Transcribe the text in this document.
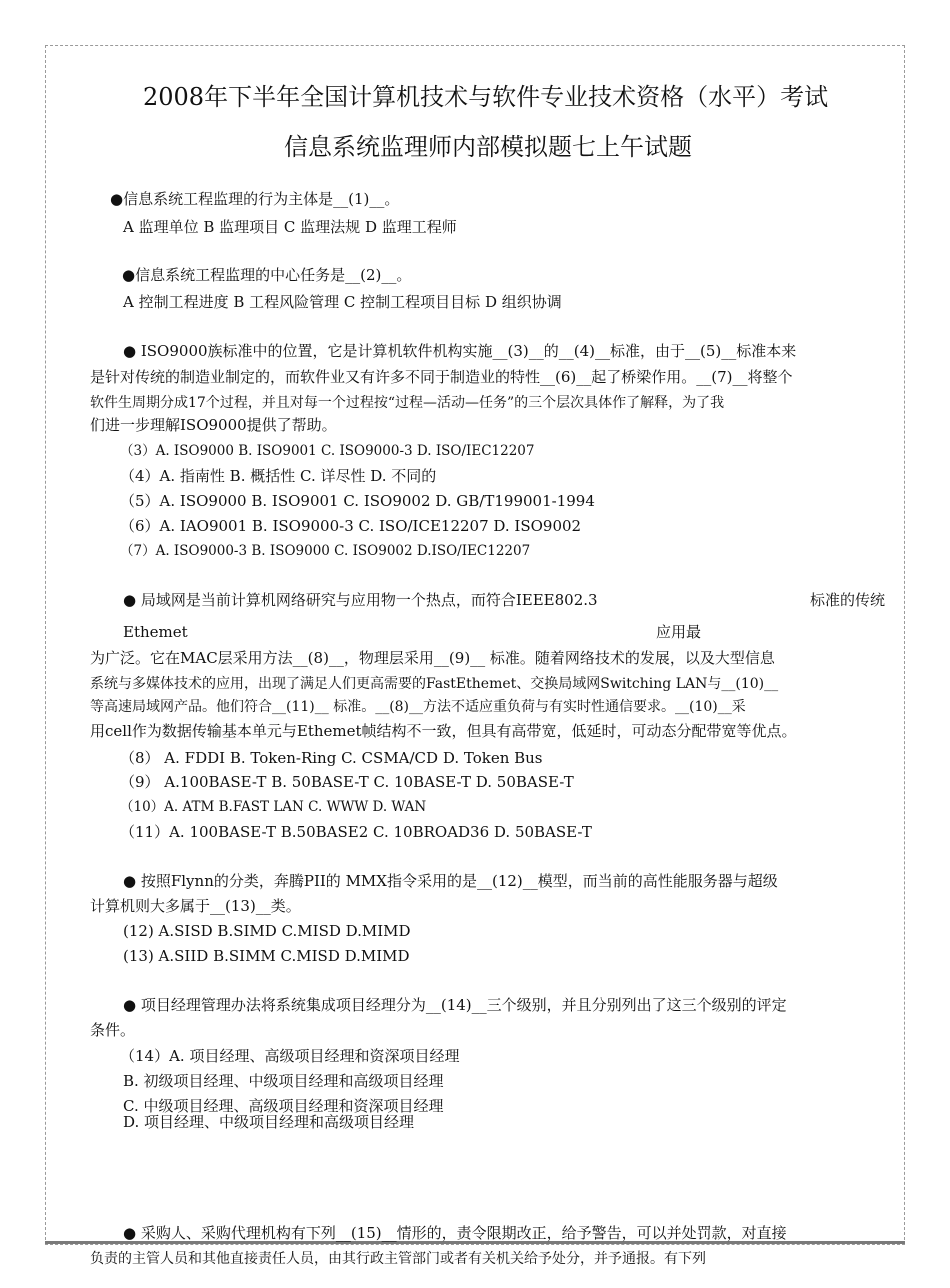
2008年下半年全国计算机技术与软件专业技术资格（水平）考试
信息系统监理师内部模拟题七上午试题
●信息系统工程监理的行为主体是__(1)__。
A 监理单位 B 监理项目 C 监理法规 D 监理工程师
●信息系统工程监理的中心任务是__(2)__。
A 控制工程进度 B 工程风险管理 C 控制工程项目目标 D 组织协调
● ISO9000族标准中的位置，它是计算机软件机构实施__(3)__的__(4)__标准，由于__(5)__标准本来
是针对传统的制造业制定的，而软件业又有许多不同于制造业的特性__(6)__起了桥梁作用。__(7)__将整个
软件生周期分成17个过程，并且对每一个过程按“过程—活动—任务”的三个层次具体作了解释，为了我
们进一步理解ISO9000提供了帮助。
（3）A. ISO9000 B. ISO9001 C. ISO9000-3 D. ISO/IEC12207
（4）A. 指南性 B. 概括性 C. 详尽性 D. 不同的
（5）A. ISO9000 B. ISO9001 C. ISO9002 D. GB/T199001-1994
（6）A. IAO9001 B. ISO9000-3 C. ISO/ICE12207 D. ISO9002
（7）A. ISO9000-3 B. ISO9000 C. ISO9002 D.ISO/IEC12207
● 局域网是当前计算机网络研究与应用物一个热点，而符合IEEE802.3	标准的传统
Ethemet	应用最
为广泛。它在MAC层采用方法__(8)__，物理层采用__(9)__ 标准。随着网络技术的发展，以及大型信息
系统与多媒体技术的应用，出现了满足人们更高需要的FastEthemet、交换局域网Switching LAN与__(10)__
等高速局域网产品。他们符合__(11)__ 标准。__(8)__方法不适应重负荷与有实时性通信要求。__(10)__采
用cell作为数据传输基本单元与Ethemet帧结构不一致，但具有高带宽，低延时，可动态分配带宽等优点。
（8） A. FDDI B. Token-Ring C. CSMA/CD D. Token Bus
（9） A.100BASE-T B. 50BASE-T C. 10BASE-T D. 50BASE-T
（10）A. ATM B.FAST LAN C. WWW D. WAN
（11）A. 100BASE-T B.50BASE2 C. 10BROAD36 D. 50BASE-T
● 按照Flynn的分类，奔腾PII的 MMX指令采用的是__(12)__模型，而当前的高性能服务器与超级
计算机则大多属于__(13)__类。
(12) A.SISD B.SIMD C.MISD D.MIMD
(13) A.SIID B.SIMM C.MISD D.MIMD
● 项目经理管理办法将系统集成项目经理分为__(14)__三个级别，并且分别列出了这三个级别的评定
条件。
（14）A. 项目经理、高级项目经理和资深项目经理
B. 初级项目经理、中级项目经理和高级项目经理
C. 中级项目经理、高级项目经理和资深项目经理
D. 项目经理、中级项目经理和高级项目经理
● 采购人、采购代理机构有下列__(15)__情形的，责令限期改正，给予警告，可以并处罚款，对直接
负责的主管人员和其他直接责任人员，由其行政主管部门或者有关机关给予处分，并予通报。有下列
